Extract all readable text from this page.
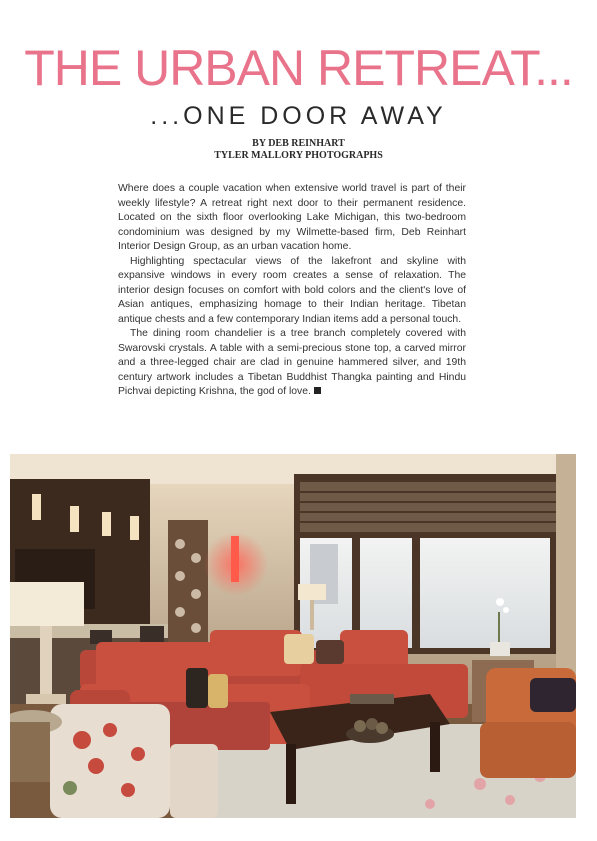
THE URBAN RETREAT...
...ONE DOOR AWAY
BY DEB REINHART
TYLER MALLORY PHOTOGRAPHS

Where does a couple vacation when extensive world travel is part of their weekly lifestyle? A retreat right next door to their permanent residence. Located on the sixth floor overlooking Lake Michigan, this two-bedroom condominium was designed by my Wilmette-based firm, Deb Reinhart Interior Design Group, as an urban vacation home.

Highlighting spectacular views of the lakefront and skyline with expansive windows in every room creates a sense of relaxation. The interior design focuses on comfort with bold colors and the client's love of Asian antiques, emphasizing homage to their Indian heritage. Tibetan antique chests and a few contemporary Indian items add a personal touch.

The dining room chandelier is a tree branch completely covered with Swarovski crystals. A table with a semi-precious stone top, a carved mirror and a three-legged chair are clad in genuine hammered silver, and 19th century artwork includes a Tibetan Buddhist Thangka painting and Hindu Pichvai depicting Krishna, the god of love.
